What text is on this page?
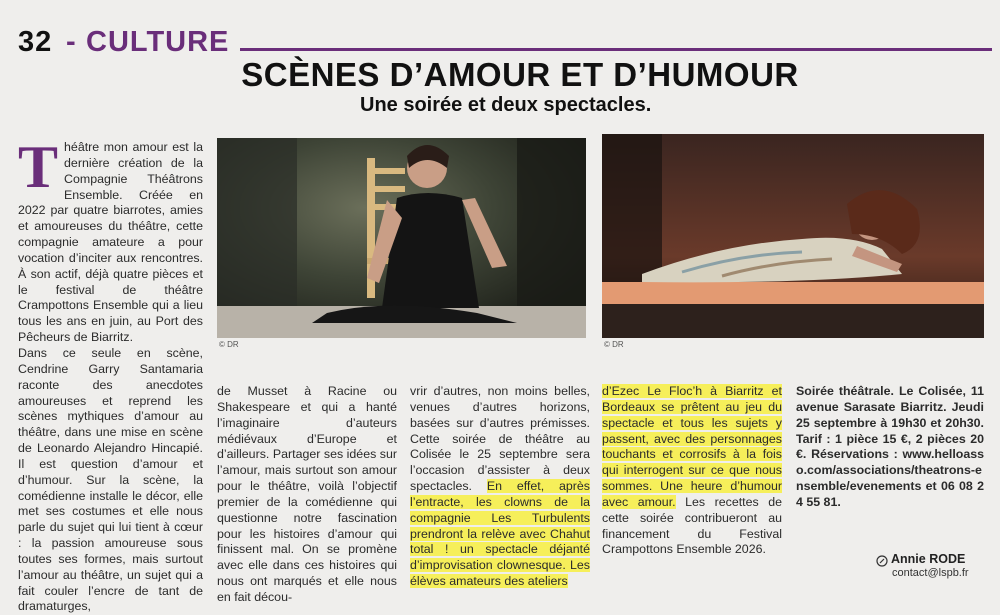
32 - CULTURE
SCÈNES D’AMOUR ET D’HUMOUR
Une soirée et deux spectacles.

Théâtre mon amour est la dernière création de la Compagnie Théâtrons Ensemble. Créée en 2022 par quatre biarrotes, amies et amoureuses du théâtre, cette compagnie amateure a pour vocation d’inciter aux rencontres. À son actif, déjà quatre pièces et le festival de théâtre Crampottons Ensemble qui a lieu tous les ans en juin, au Port des Pêcheurs de Biarritz.

Dans ce seule en scène, Cendrine Garry Santamaria raconte des anecdotes amoureuses et reprend les scènes mythiques d’amour au théâtre, dans une mise en scène de Leonardo Alejandro Hincapié. Il est question d’amour et d’humour. Sur la scène, la comédienne installe le décor, elle met ses costumes et elle nous parle du sujet qui lui tient à cœur : la passion amoureuse sous toutes ses formes, mais surtout l’amour au théâtre, un sujet qui a fait couler l’encre de tant de dramaturges,

© DR	© DR

de Musset à Racine ou Shakespeare et qui a hanté l’imaginaire d’auteurs médiévaux d’Europe et d’ailleurs. Partager ses idées sur l’amour, mais surtout son amour pour le théâtre, voilà l’objectif premier de la comédienne qui questionne notre fascination pour les histoires d’amour qui finissent mal. On se promène avec elle dans ces histoires qui nous ont marqués et elle nous en fait décou-

vrir d’autres, non moins belles, venues d’autres horizons, basées sur d’autres prémisses. Cette soirée de théâtre au Colisée le 25 septembre sera l’occasion d’assister à deux spectacles. En effet, après l’entracte, les clowns de la compagnie Les Turbulents prendront la relève avec Chahut total ! un spectacle déjanté d’improvisation clownesque. Les élèves amateurs des ateliers

d’Ezec Le Floc’h à Biarritz et Bordeaux se prêtent au jeu du spectacle et tous les sujets y passent, avec des personnages touchants et corrosifs à la fois qui interrogent sur ce que nous sommes. Une heure d’humour avec amour. Les recettes de cette soirée contribueront au financement du Festival Crampottons Ensemble 2026.

Soirée théâtrale. Le Colisée, 11 avenue Sarasate Biarritz. Jeudi 25 septembre à 19h30 et 20h30. Tarif : 1 pièce 15 €, 2 pièces 20 €. Réservations : www.helloasso.com/associations/theatrons-ensemble/evenements et 06 08 24 55 81.

Annie RODE
contact@lspb.fr
